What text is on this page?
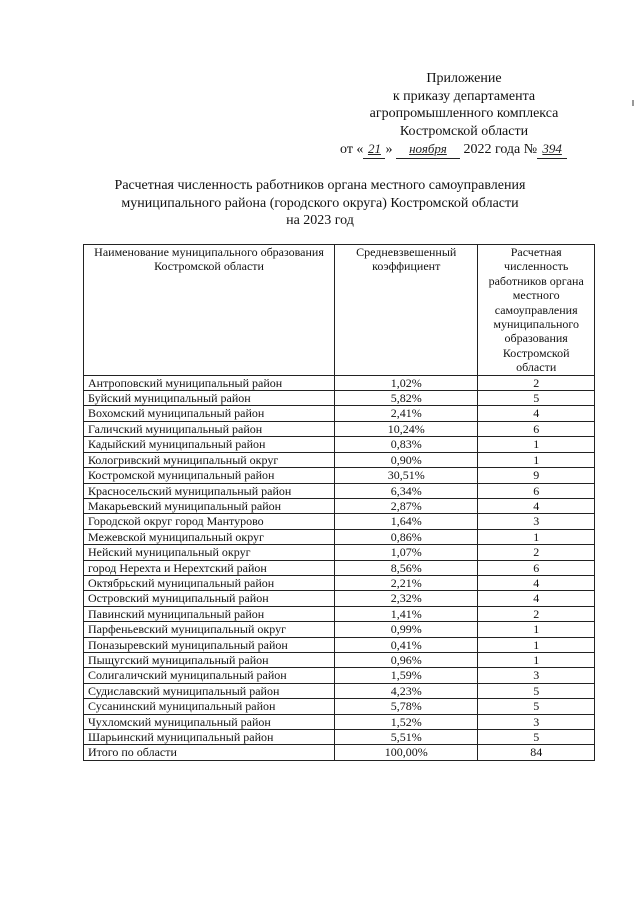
Приложение
к приказу департамента
агропромышленного комплекса
Костромской области
от « 21 » ноября 2022 года № 394
Расчетная численность работников органа местного самоуправления
муниципального района (городского округа) Костромской области
на 2023 год
Наименование муниципального образования Костромской области	Средневзвешенный коэффициент	Расчетная численность работников органа местного самоуправления муниципального образования Костромской области
Антроповский муниципальный район	1,02%	2
Буйский муниципальный район	5,82%	5
Вохомский муниципальный район	2,41%	4
Галичский муниципальный район	10,24%	6
Кадыйский муниципальный район	0,83%	1
Кологривский муниципальный округ	0,90%	1
Костромской муниципальный район	30,51%	9
Красносельский муниципальный район	6,34%	6
Макарьевский муниципальный район	2,87%	4
Городской округ город Мантурово	1,64%	3
Межевской муниципальный округ	0,86%	1
Нейский муниципальный округ	1,07%	2
город Нерехта и Нерехтский район	8,56%	6
Октябрьский муниципальный район	2,21%	4
Островский муниципальный район	2,32%	4
Павинский муниципальный район	1,41%	2
Парфеньевский муниципальный округ	0,99%	1
Поназыревский муниципальный район	0,41%	1
Пыщугский муниципальный район	0,96%	1
Солигаличский муниципальный район	1,59%	3
Судиславский муниципальный район	4,23%	5
Сусанинский муниципальный район	5,78%	5
Чухломский муниципальный район	1,52%	3
Шарьинский муниципальный район	5,51%	5
Итого по области	100,00%	84
